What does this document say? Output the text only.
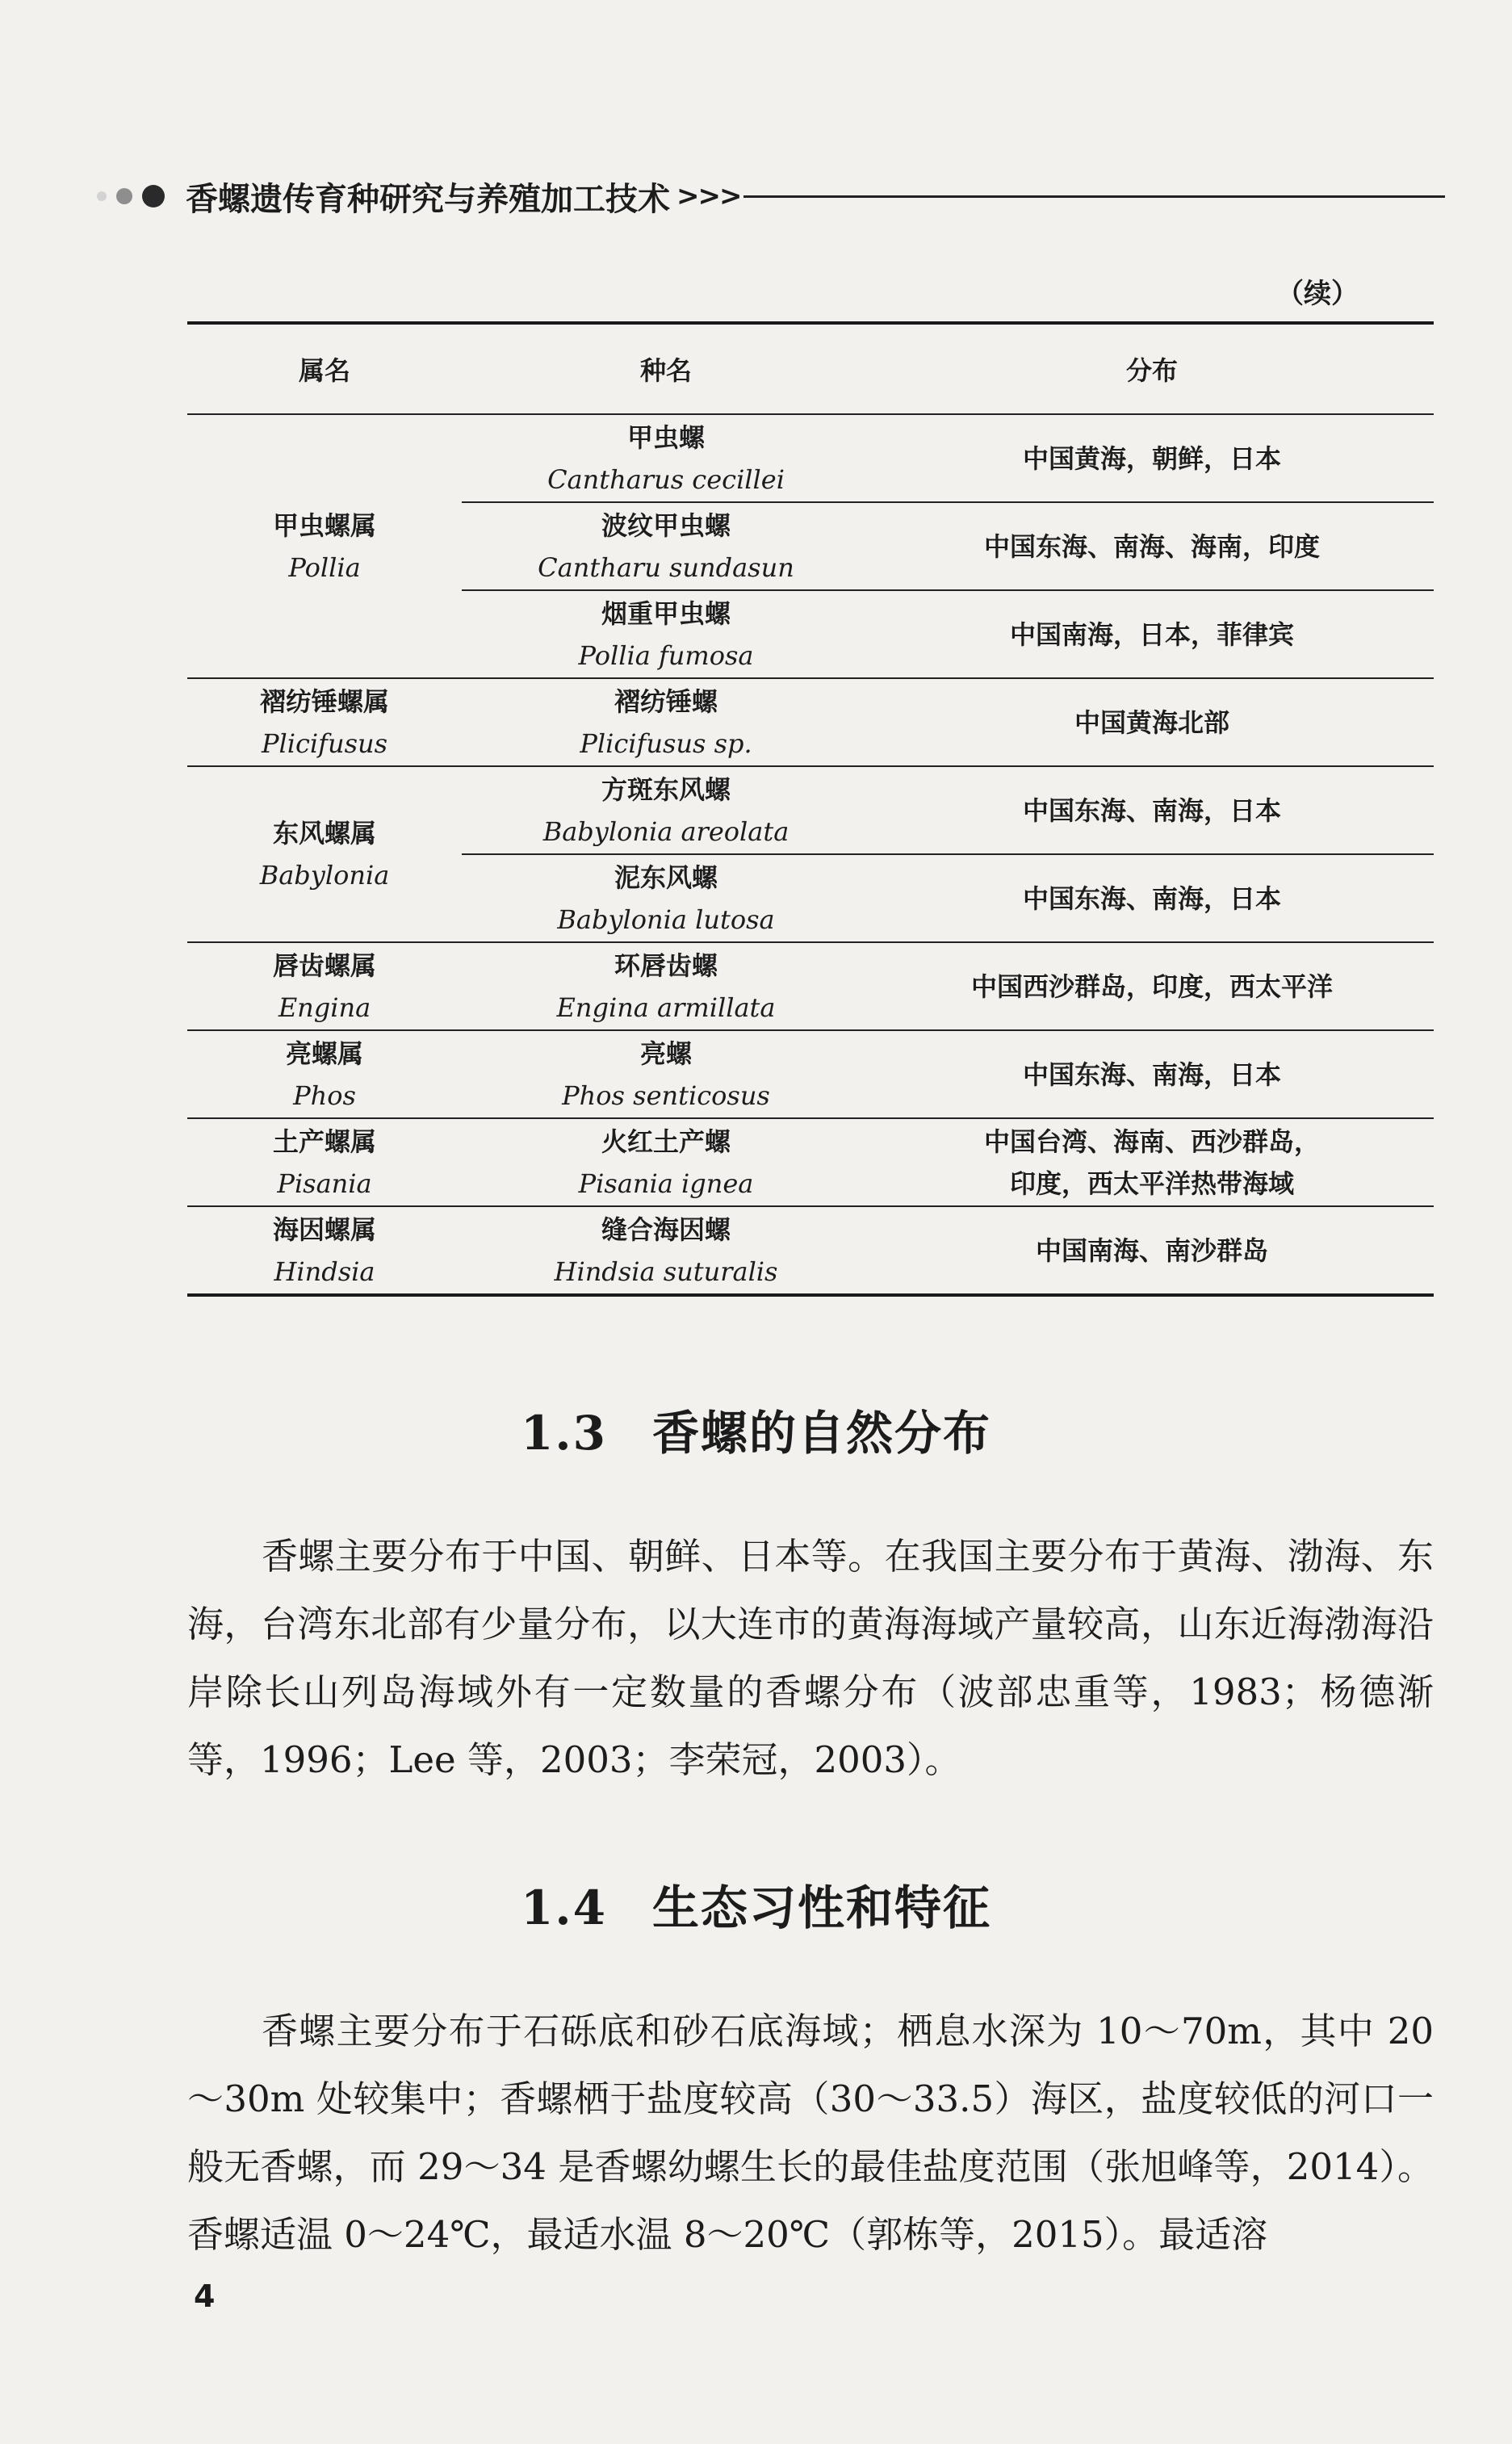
香螺遗传育种研究与养殖加工技术 >>>
（续）
属名	种名	分布
甲虫螺属
Pollia
甲虫螺
Cantharus cecillei
中国黄海，朝鲜，日本
波纹甲虫螺
Cantharu sundasun
中国东海、南海、海南，印度
烟重甲虫螺
Pollia fumosa
中国南海，日本，菲律宾
褶纺锤螺属
Plicifusus
褶纺锤螺
Plicifusus sp.
中国黄海北部
东风螺属
Babylonia
方斑东风螺
Babylonia areolata
中国东海、南海，日本
泥东风螺
Babylonia lutosa
中国东海、南海，日本
唇齿螺属
Engina
环唇齿螺
Engina armillata
中国西沙群岛，印度，西太平洋
亮螺属
Phos
亮螺
Phos senticosus
中国东海、南海，日本
土产螺属
Pisania
火红土产螺
Pisania ignea
中国台湾、海南、西沙群岛，
印度，西太平洋热带海域
海因螺属
Hindsia
缝合海因螺
Hindsia suturalis
中国南海、南沙群岛
1.3 香螺的自然分布

香螺主要分布于中国、朝鲜、日本等。在我国主要分布于黄海、渤海、东海，台湾东北部有少量分布，以大连市的黄海海域产量较高，山东近海渤海沿岸除长山列岛海域外有一定数量的香螺分布（波部忠重等，1983；杨德渐等，1996；Lee 等，2003；李荣冠，2003）。

1.4 生态习性和特征

香螺主要分布于石砾底和砂石底海域；栖息水深为 10～70m，其中 20～30m 处较集中；香螺栖于盐度较高（30～33.5）海区，盐度较低的河口一般无香螺，而 29～34 是香螺幼螺生长的最佳盐度范围（张旭峰等，2014）。香螺适温 0～24℃，最适水温 8～20℃（郭栋等，2015）。最适溶

4
